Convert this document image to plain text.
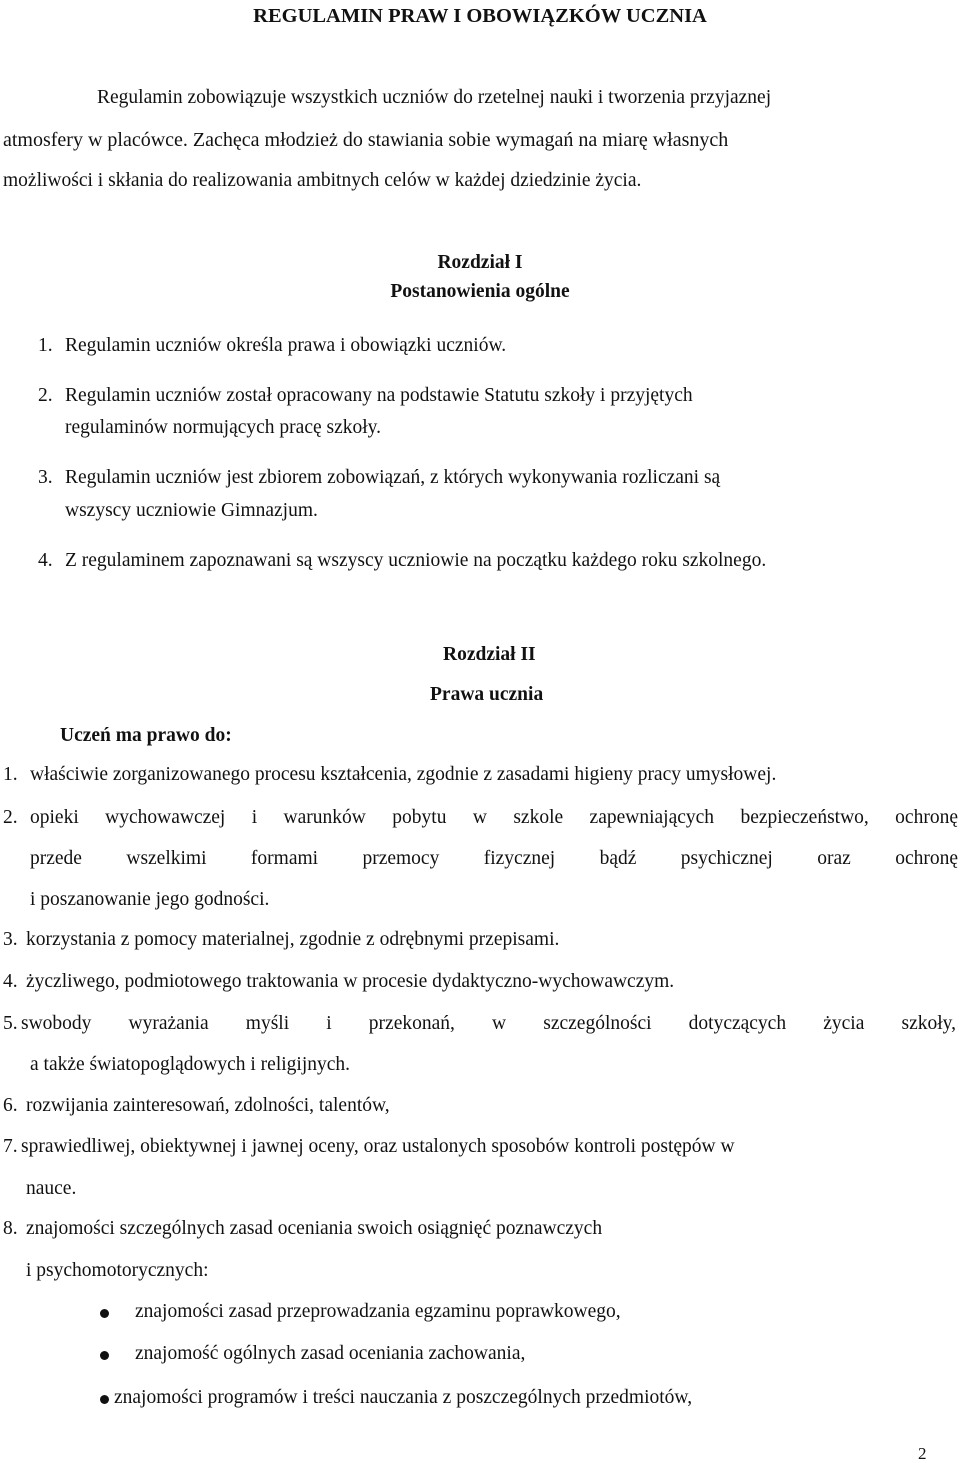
REGULAMIN PRAW I OBOWIĄZKÓW UCZNIA
Regulamin zobowiązuje wszystkich uczniów do rzetelnej nauki i tworzenia przyjaznej
atmosfery w placówce. Zachęca młodzież do stawiania sobie wymagań na miarę własnych
możliwości i skłania do realizowania ambitnych celów w każdej dziedzinie życia.
Rozdział I
Postanowienia ogólne
1. Regulamin uczniów określa prawa i obowiązki uczniów.
2. Regulamin uczniów został opracowany na podstawie Statutu szkoły i przyjętych
regulaminów normujących pracę szkoły.
3. Regulamin uczniów jest zbiorem zobowiązań, z których wykonywania rozliczani są
wszyscy uczniowie Gimnazjum.
4. Z regulaminem zapoznawani są wszyscy uczniowie na początku każdego roku szkolnego.
Rozdział II
Prawa ucznia
Uczeń ma prawo do:
1. właściwie zorganizowanego procesu kształcenia, zgodnie z zasadami higieny pracy umysłowej.
2. opieki wychowawczej i warunków pobytu w szkole zapewniających bezpieczeństwo, ochronę
przede wszelkimi formami przemocy fizycznej bądź psychicznej oraz ochronę
i poszanowanie jego godności.
3. korzystania z pomocy materialnej, zgodnie z odrębnymi przepisami.
4. życzliwego, podmiotowego traktowania w procesie dydaktyczno-wychowawczym.
5. swobody wyrażania myśli i przekonań, w szczególności dotyczących życia szkoły,
a także światopoglądowych i religijnych.
6. rozwijania zainteresowań, zdolności, talentów,
7. sprawiedliwej, obiektywnej i jawnej oceny, oraz ustalonych sposobów kontroli postępów w
nauce.
8. znajomości szczególnych zasad oceniania swoich osiągnięć poznawczych
i psychomotorycznych:
znajomości zasad przeprowadzania egzaminu poprawkowego,
znajomość ogólnych zasad oceniania zachowania,
znajomości programów i treści nauczania z poszczególnych przedmiotów,
2
